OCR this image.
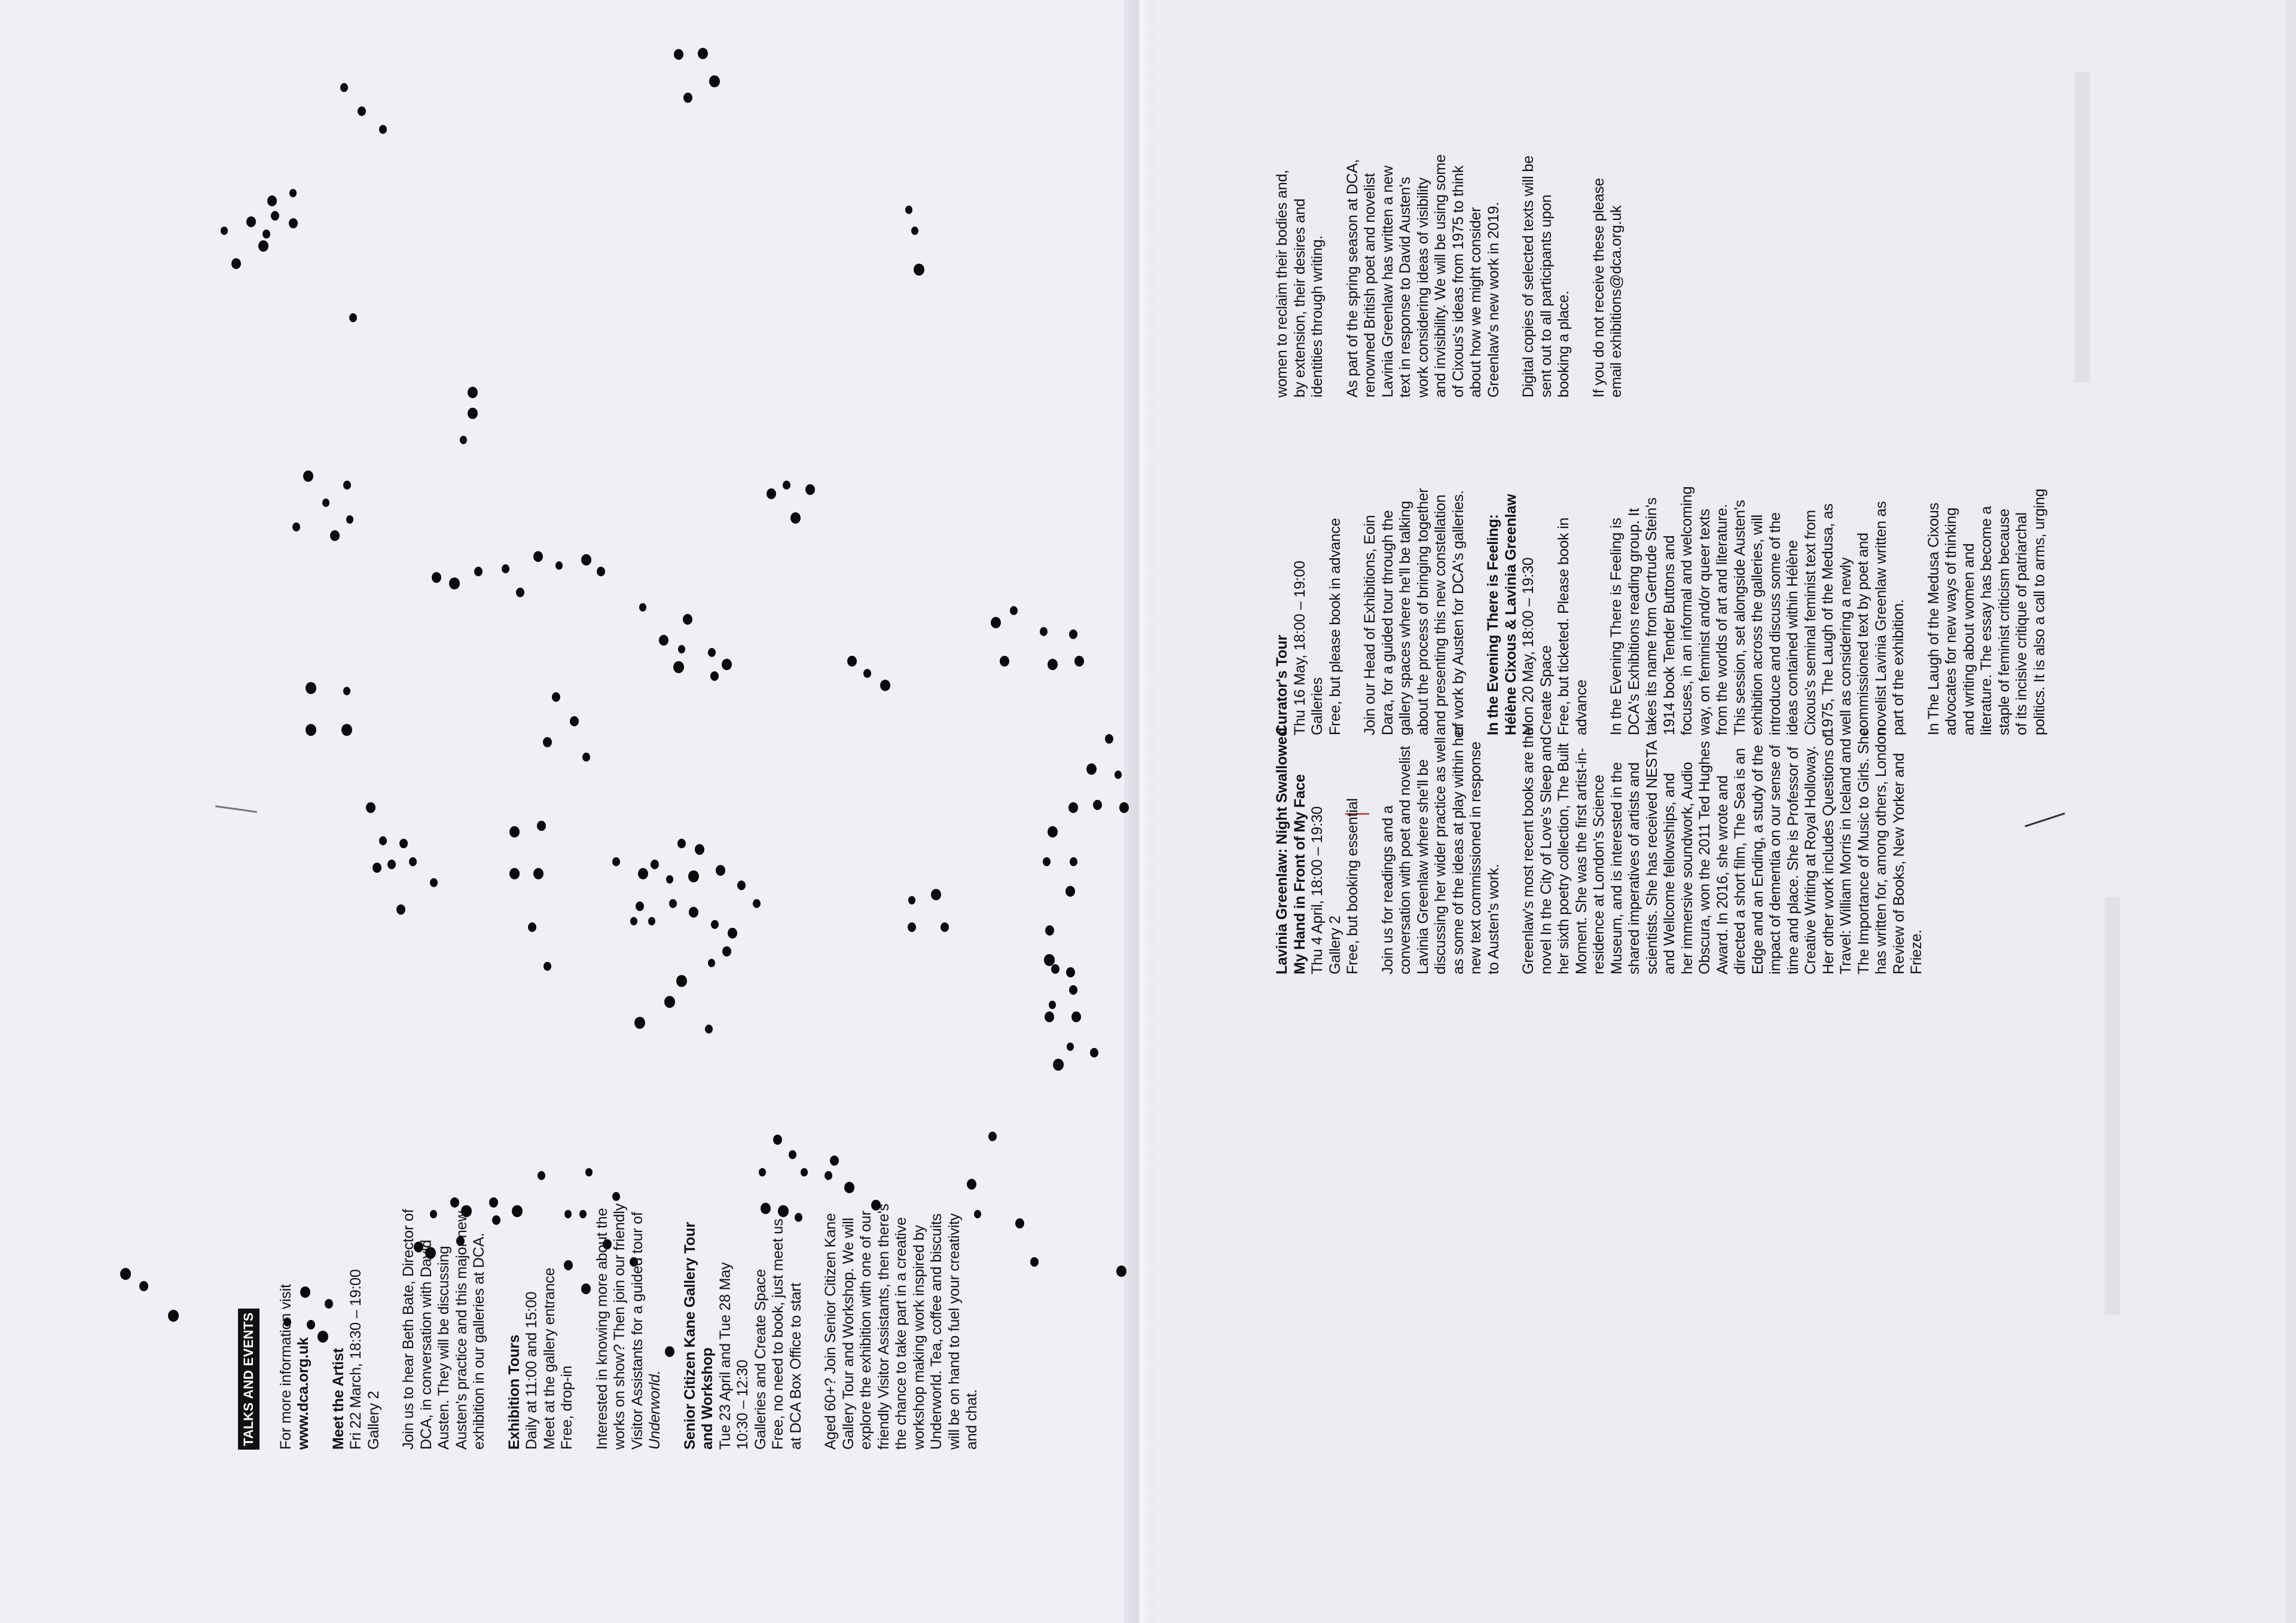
TALKS AND EVENTS For more information visit www.dca.org.uk Meet the Artist Fri 22 March, 18:30 – 19:00 Gallery 2 Join us to hear Beth Bate, Director of DCA, in conversation with David Austen. They will be discussing Austen's practice and this major new exhibition in our galleries at DCA. Exhibition Tours Daily at 11:00 and 15:00 Meet at the gallery entrance Free, drop-in Interested in knowing more about the works on show? Then join our friendly Visitor Assistants for a guided tour of Underworld. Senior Citizen Kane Gallery Tour and Workshop Tue 23 April and Tue 28 May 10:30 – 12:30 Galleries and Create Space Free, no need to book, just meet us at DCA Box Office to start Aged 60+? Join Senior Citizen Kane Gallery Tour and Workshop. We will explore the exhibition with one of our friendly Visitor Assistants, then there's the chance to take part in a creative workshop making work inspired by Underworld. Tea, coffee and biscuits will be on hand to fuel your creativity and chat.

Lavinia Greenlaw: Night Swallowed My Hand in Front of My Face Thu 4 April, 18:00 – 19:30 Gallery 2 Free, but booking essential Join us for readings and a conversation with poet and novelist Lavinia Greenlaw where she'll be discussing her wider practice as well as some of the ideas at play within her new text commissioned in response to Austen's work. Greenlaw's most recent books are the novel In the City of Love's Sleep and her sixth poetry collection, The Built Moment. She was the first artist-in- residence at London's Science Museum, and is interested in the shared imperatives of artists and scientists. She has received NESTA and Wellcome fellowships, and her immersive soundwork, Audio Obscura, won the 2011 Ted Hughes Award. In 2016, she wrote and directed a short film, The Sea is an Edge and an Ending, a study of the impact of dementia on our sense of time and place. She is Professor of Creative Writing at Royal Holloway. Her other work includes Questions of Travel: William Morris in Iceland and The Importance of Music to Girls. She has written for, among others, London Review of Books, New Yorker and Frieze.

Curator's Tour Thu 16 May, 18:00 – 19:00 Galleries Free, but please book in advance Join our Head of Exhibitions, Eoin Dara, for a guided tour through the gallery spaces where he'll be talking about the process of bringing together and presenting this new constellation of work by Austen for DCA's galleries. In the Evening There is Feeling: Hélène Cixous & Lavinia Greenlaw Mon 20 May, 18:00 – 19:30 Create Space Free, but ticketed. Please book in advance In the Evening There is Feeling is DCA's Exhibitions reading group. It takes its name from Gertrude Stein's 1914 book Tender Buttons and focuses, in an informal and welcoming way, on feminist and/or queer texts from the worlds of art and literature. This session, set alongside Austen's exhibition across the galleries, will introduce and discuss some of the ideas contained within Hélène Cixous's seminal feminist text from 1975, The Laugh of the Medusa, as well as considering a newly commissioned text by poet and novelist Lavinia Greenlaw written as part of the exhibition. In The Laugh of the Medusa Cixous advocates for new ways of thinking and writing about women and literature. The essay has become a staple of feminist criticism because of its incisive critique of patriarchal politics. It is also a call to arms, urging

women to reclaim their bodies and, by extension, their desires and identities through writing. As part of the spring season at DCA, renowned British poet and novelist Lavinia Greenlaw has written a new text in response to David Austen's work considering ideas of visibility and invisibility. We will be using some of Cixous's ideas from 1975 to think about how we might consider Greenlaw's new work in 2019. Digital copies of selected texts will be sent out to all participants upon booking a place. If you do not receive these please email exhibitions@dca.org.uk
